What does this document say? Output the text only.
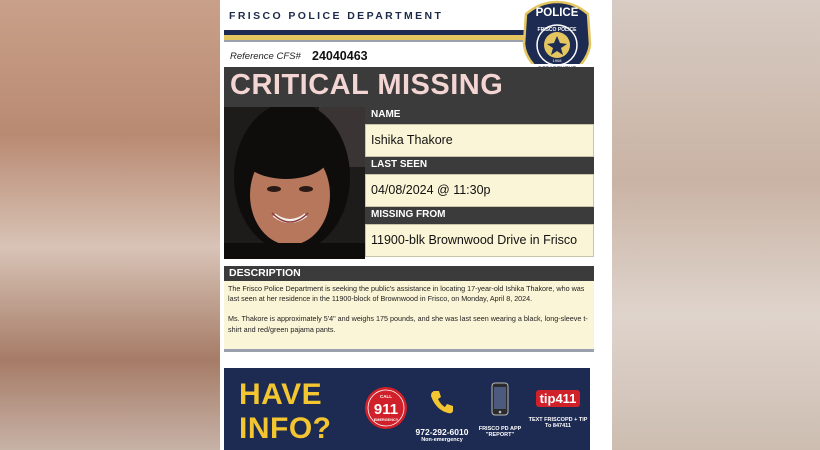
FRISCO POLICE DEPARTMENT
Reference CFS# 24040463
POLICE
FRISCO POLICE
1908
CRITICAL MISSING
NAME
Ishika Thakore
LAST SEEN
04/08/2024 @ 11:30p
MISSING FROM
11900-blk Brownwood Drive in Frisco
DESCRIPTION

The Frisco Police Department is seeking the public's assistance in locating 17-year-old Ishika Thakore, who was last seen at her residence in the 11900-block of Brownwood in Frisco, on Monday, April 8, 2024.

Ms. Thakore is approximately 5'4" and weighs 175 pounds, and she was last seen wearing a black, long-sleeve t-shirt and red/green pajama pants.

HAVE
INFO?
CALL
911
EMERGENCY
972-292-6010
Non-emergency
FRISCO PD APP
"REPORT"
tip411
TEXT FRISCOPD + TIP
To 847411
